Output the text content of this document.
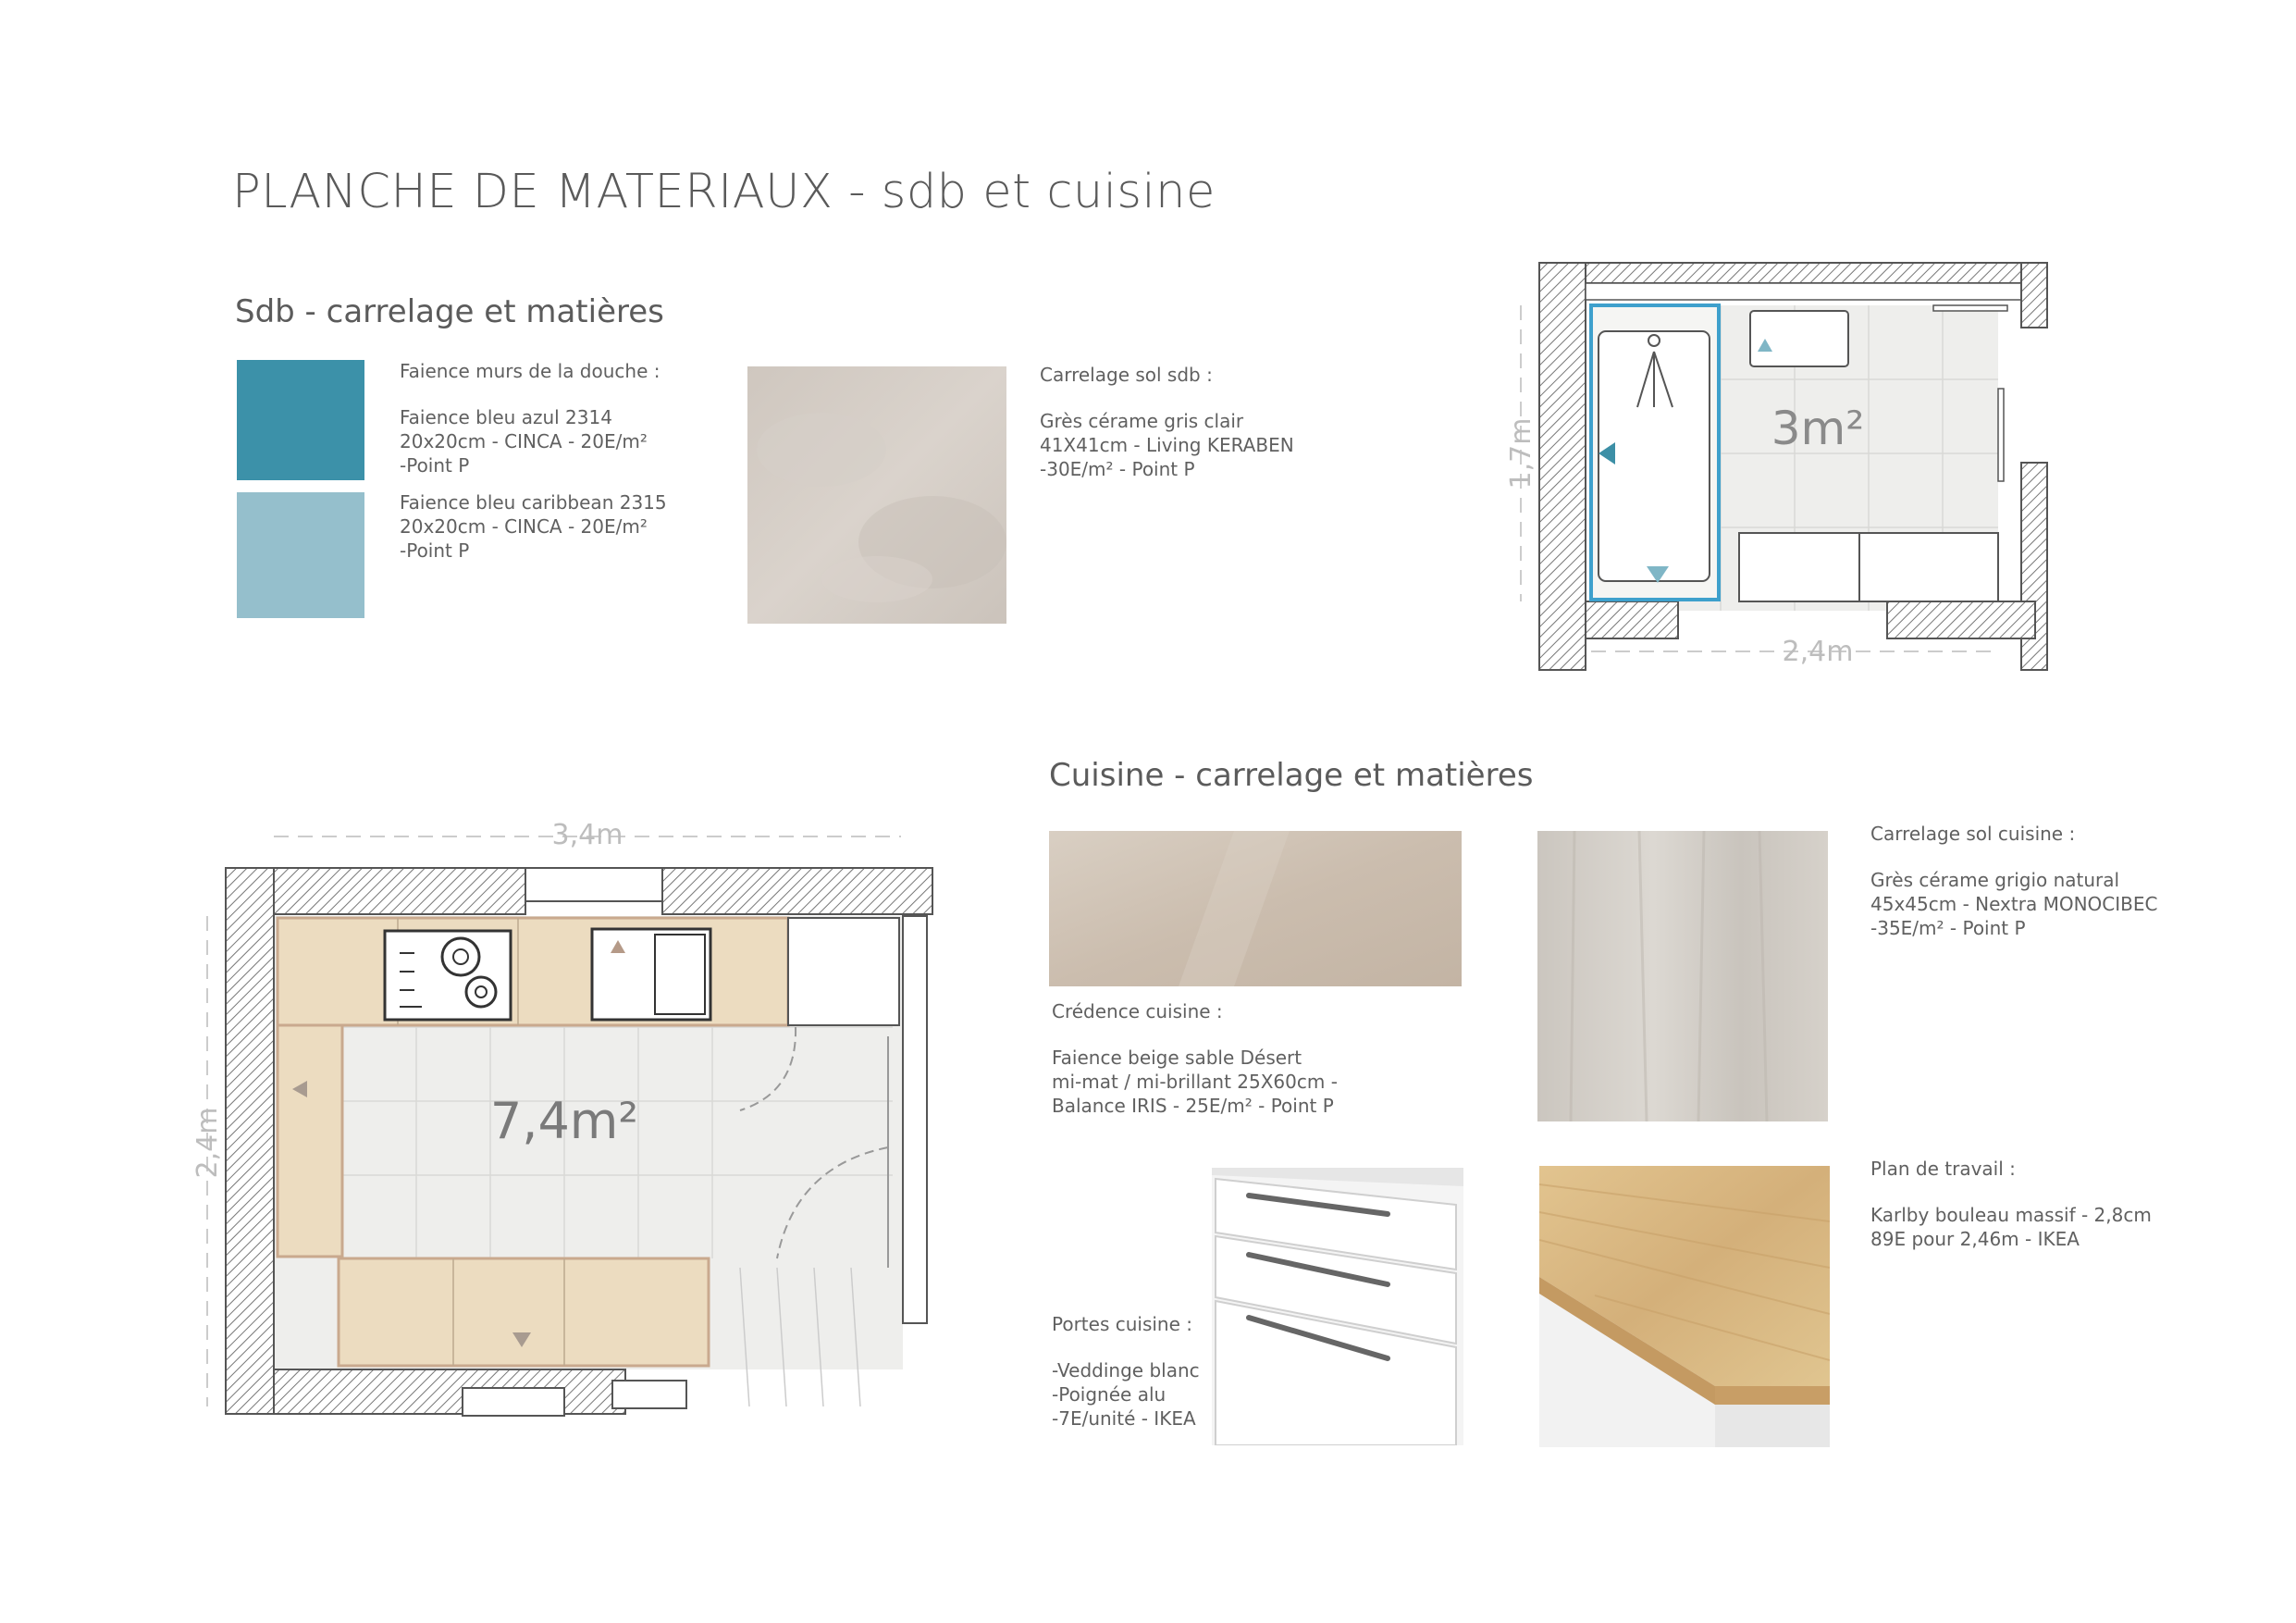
PLANCHE DE MATERIAUX - sdb et cuisine
Sdb - carrelage et matières
Faience murs de la douche :
Faience bleu azul 2314
20x20cm - CINCA - 20E/m²
-Point P
Faience bleu caribbean 2315
20x20cm - CINCA - 20E/m²
-Point P
Carrelage sol sdb :
Grès cérame gris clair
41X41cm - Living KERABEN
-30E/m² - Point P
3m²
2,4m
1,7m
Cuisine - carrelage et matières
3,4m
2,4m	7,4m²
Crédence cuisine :
Faience beige sable Désert
mi-mat / mi-brillant 25X60cm -
Balance IRIS - 25E/m² - Point P
Carrelage sol cuisine :
Grès cérame grigio natural
45x45cm - Nextra MONOCIBEC
-35E/m² - Point P
Portes cuisine :
-Veddinge blanc
-Poignée alu
-7E/unité - IKEA
Plan de travail :
Karlby bouleau massif - 2,8cm
89E pour 2,46m - IKEA
